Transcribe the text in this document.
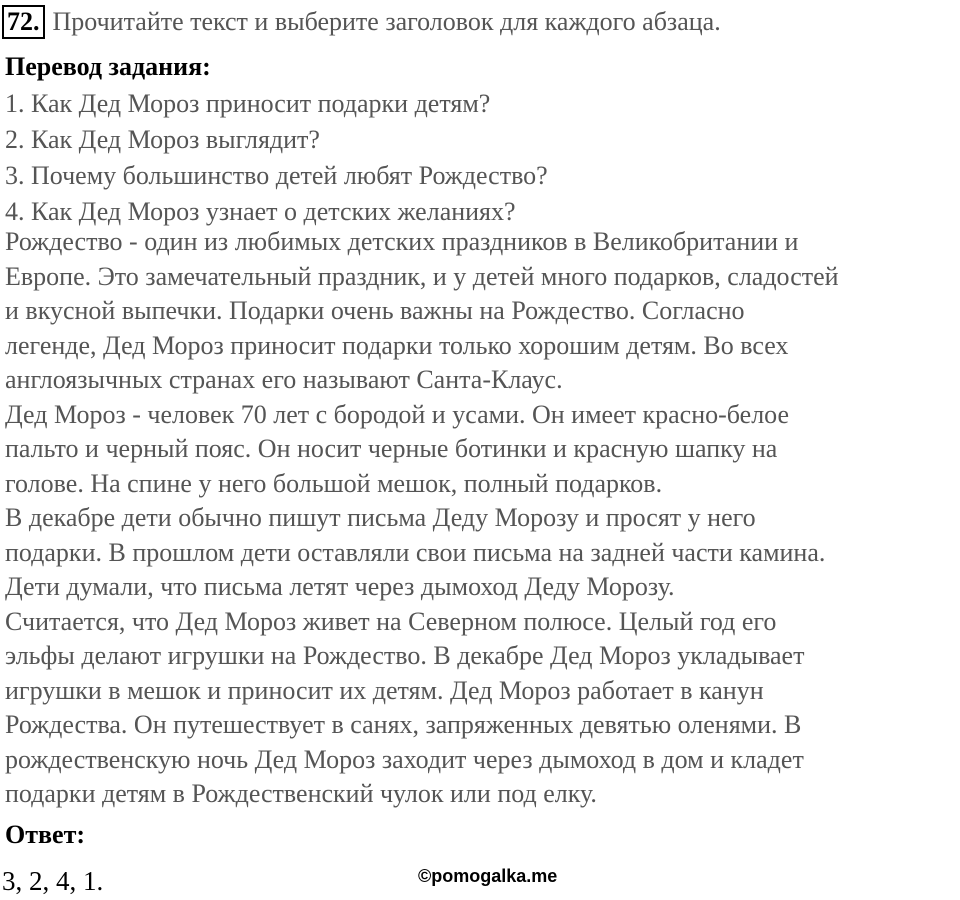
72. Прочитайте текст и выберите заголовок для каждого абзаца.
Перевод задания:
1. Как Дед Мороз приносит подарки детям?
2. Как Дед Мороз выглядит?
3. Почему большинство детей любят Рождество?
4. Как Дед Мороз узнает о детских желаниях?
Рождество - один из любимых детских праздников в Великобритании и
Европе. Это замечательный праздник, и у детей много подарков, сладостей
и вкусной выпечки. Подарки очень важны на Рождество. Согласно
легенде, Дед Мороз приносит подарки только хорошим детям. Во всех
англоязычных странах его называют Санта-Клаус.
Дед Мороз - человек 70 лет с бородой и усами. Он имеет красно-белое
пальто и черный пояс. Он носит черные ботинки и красную шапку на
голове. На спине у него большой мешок, полный подарков.
В декабре дети обычно пишут письма Деду Морозу и просят у него
подарки. В прошлом дети оставляли свои письма на задней части камина.
Дети думали, что письма летят через дымоход Деду Морозу.
Считается, что Дед Мороз живет на Северном полюсе. Целый год его
эльфы делают игрушки на Рождество. В декабре Дед Мороз укладывает
игрушки в мешок и приносит их детям. Дед Мороз работает в канун
Рождества. Он путешествует в санях, запряженных девятью оленями. В
рождественскую ночь Дед Мороз заходит через дымоход в дом и кладет
подарки детям в Рождественский чулок или под елку.
Ответ:
3, 2, 4, 1.	©pomogalka.me
